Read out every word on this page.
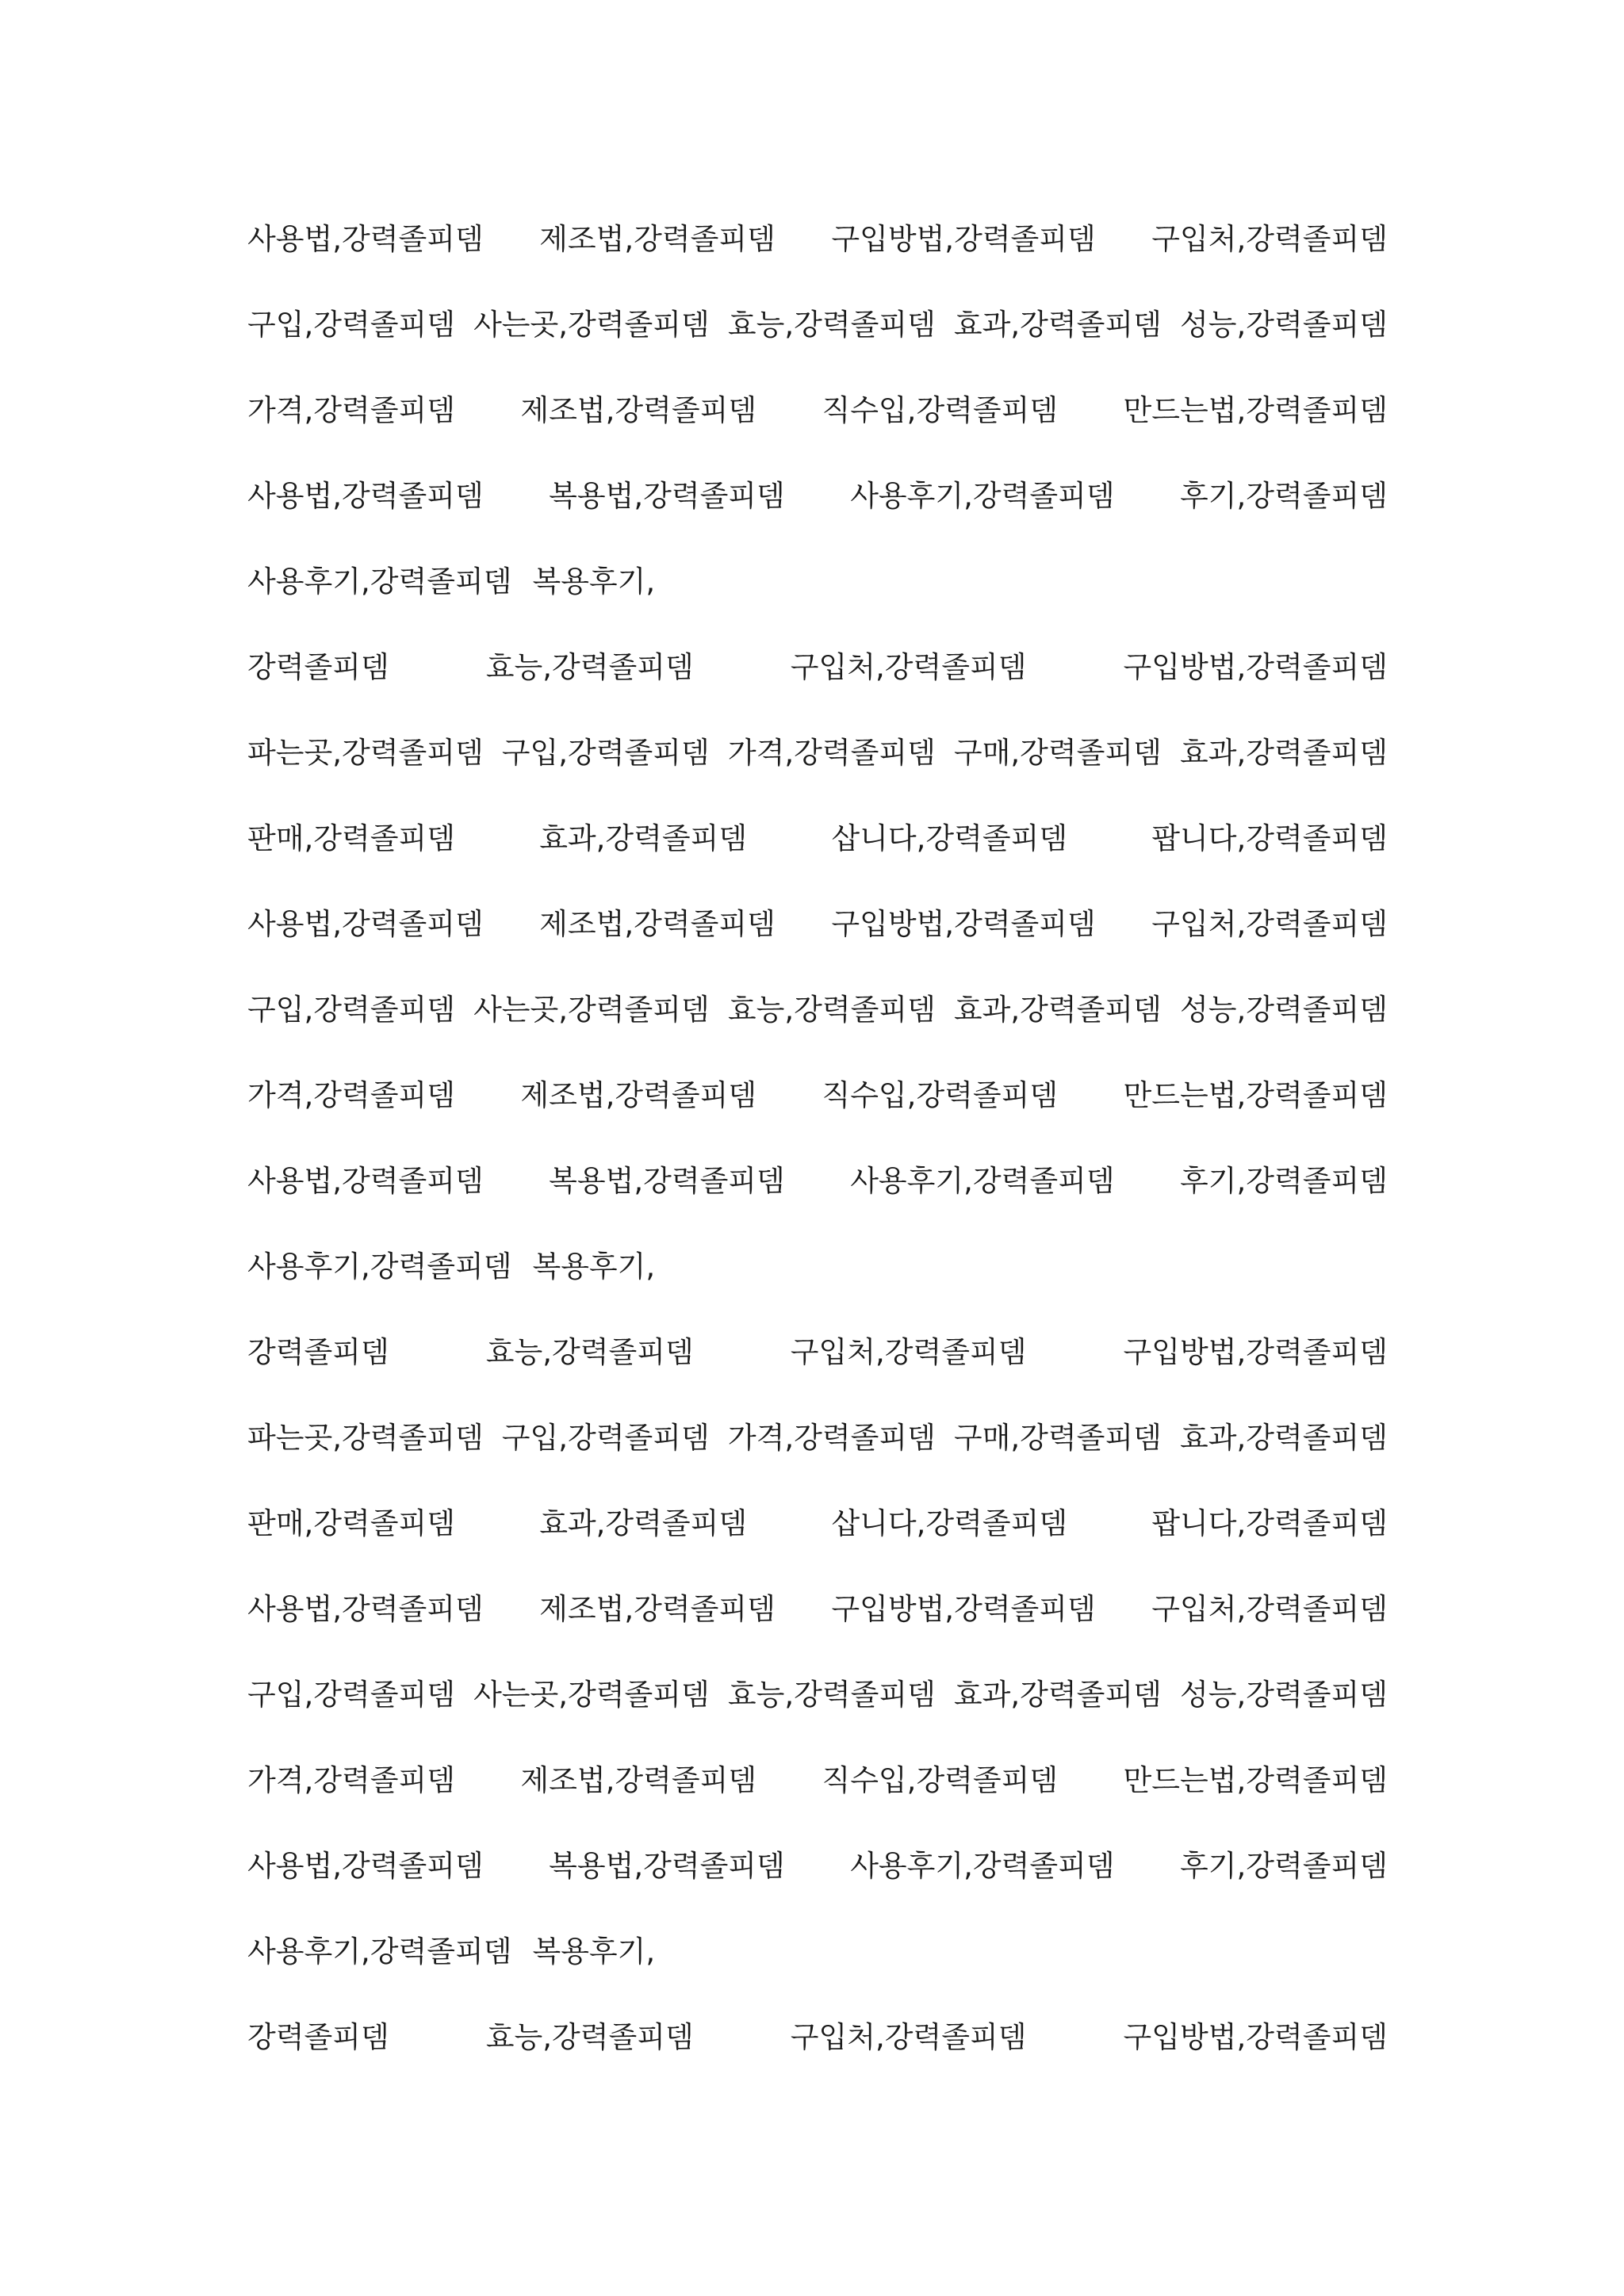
사용법,강력졸피뎀 제조법,강력졸피뎀 구입방법,강력졸피뎀 구입처,강력졸피뎀
구입,강력졸피뎀 사는곳,강력졸피뎀 효능,강력졸피뎀 효과,강력졸피뎀 성능,강력졸피뎀
가격,강력졸피뎀 제조법,강력졸피뎀 직수입,강력졸피뎀 만드는법,강력졸피뎀
사용법,강력졸피뎀 복용법,강력졸피뎀 사용후기,강력졸피뎀 후기,강력졸피뎀
사용후기,강력졸피뎀 복용후기,
강력졸피뎀	효능,강력졸피뎀	구입처,강력졸피뎀	구입방법,강력졸피뎀
파는곳,강력졸피뎀 구입,강력졸피뎀 가격,강력졸피뎀 구매,강력졸피뎀 효과,강력졸피뎀
판매,강력졸피뎀	효과,강력졸피뎀	삽니다,강력졸피뎀	팝니다,강력졸피뎀
사용법,강력졸피뎀 제조법,강력졸피뎀 구입방법,강력졸피뎀 구입처,강력졸피뎀
구입,강력졸피뎀 사는곳,강력졸피뎀 효능,강력졸피뎀 효과,강력졸피뎀 성능,강력졸피뎀
가격,강력졸피뎀 제조법,강력졸피뎀 직수입,강력졸피뎀 만드는법,강력졸피뎀
사용법,강력졸피뎀 복용법,강력졸피뎀 사용후기,강력졸피뎀 후기,강력졸피뎀
사용후기,강력졸피뎀 복용후기,
강력졸피뎀	효능,강력졸피뎀	구입처,강력졸피뎀	구입방법,강력졸피뎀
파는곳,강력졸피뎀 구입,강력졸피뎀 가격,강력졸피뎀 구매,강력졸피뎀 효과,강력졸피뎀
판매,강력졸피뎀	효과,강력졸피뎀	삽니다,강력졸피뎀	팝니다,강력졸피뎀
사용법,강력졸피뎀 제조법,강력졸피뎀 구입방법,강력졸피뎀 구입처,강력졸피뎀
구입,강력졸피뎀 사는곳,강력졸피뎀 효능,강력졸피뎀 효과,강력졸피뎀 성능,강력졸피뎀
가격,강력졸피뎀 제조법,강력졸피뎀 직수입,강력졸피뎀 만드는법,강력졸피뎀
사용법,강력졸피뎀 복용법,강력졸피뎀 사용후기,강력졸피뎀 후기,강력졸피뎀
사용후기,강력졸피뎀 복용후기,
강력졸피뎀	효능,강력졸피뎀	구입처,강력졸피뎀	구입방법,강력졸피뎀
